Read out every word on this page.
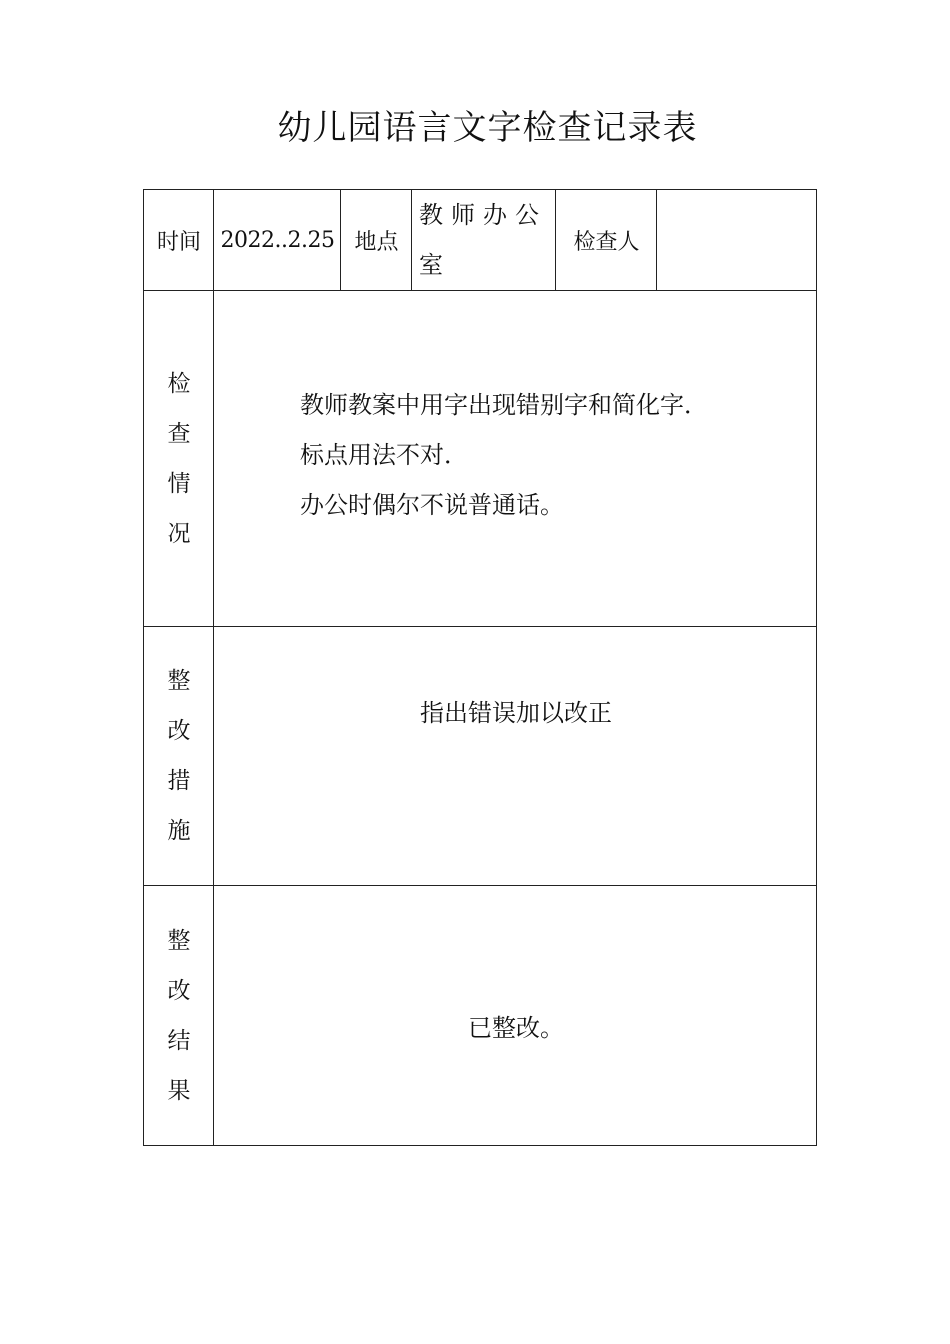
幼儿园语言文字检查记录表
时间 2022..2.25 地点
教师办公室
检查人
检
查
情
况
教师教案中用字出现错别字和简化字．
标点用法不对．
办公时偶尔不说普通话。
整
改
措
施
指出错误加以改正
整
改
结
果
已整改。
